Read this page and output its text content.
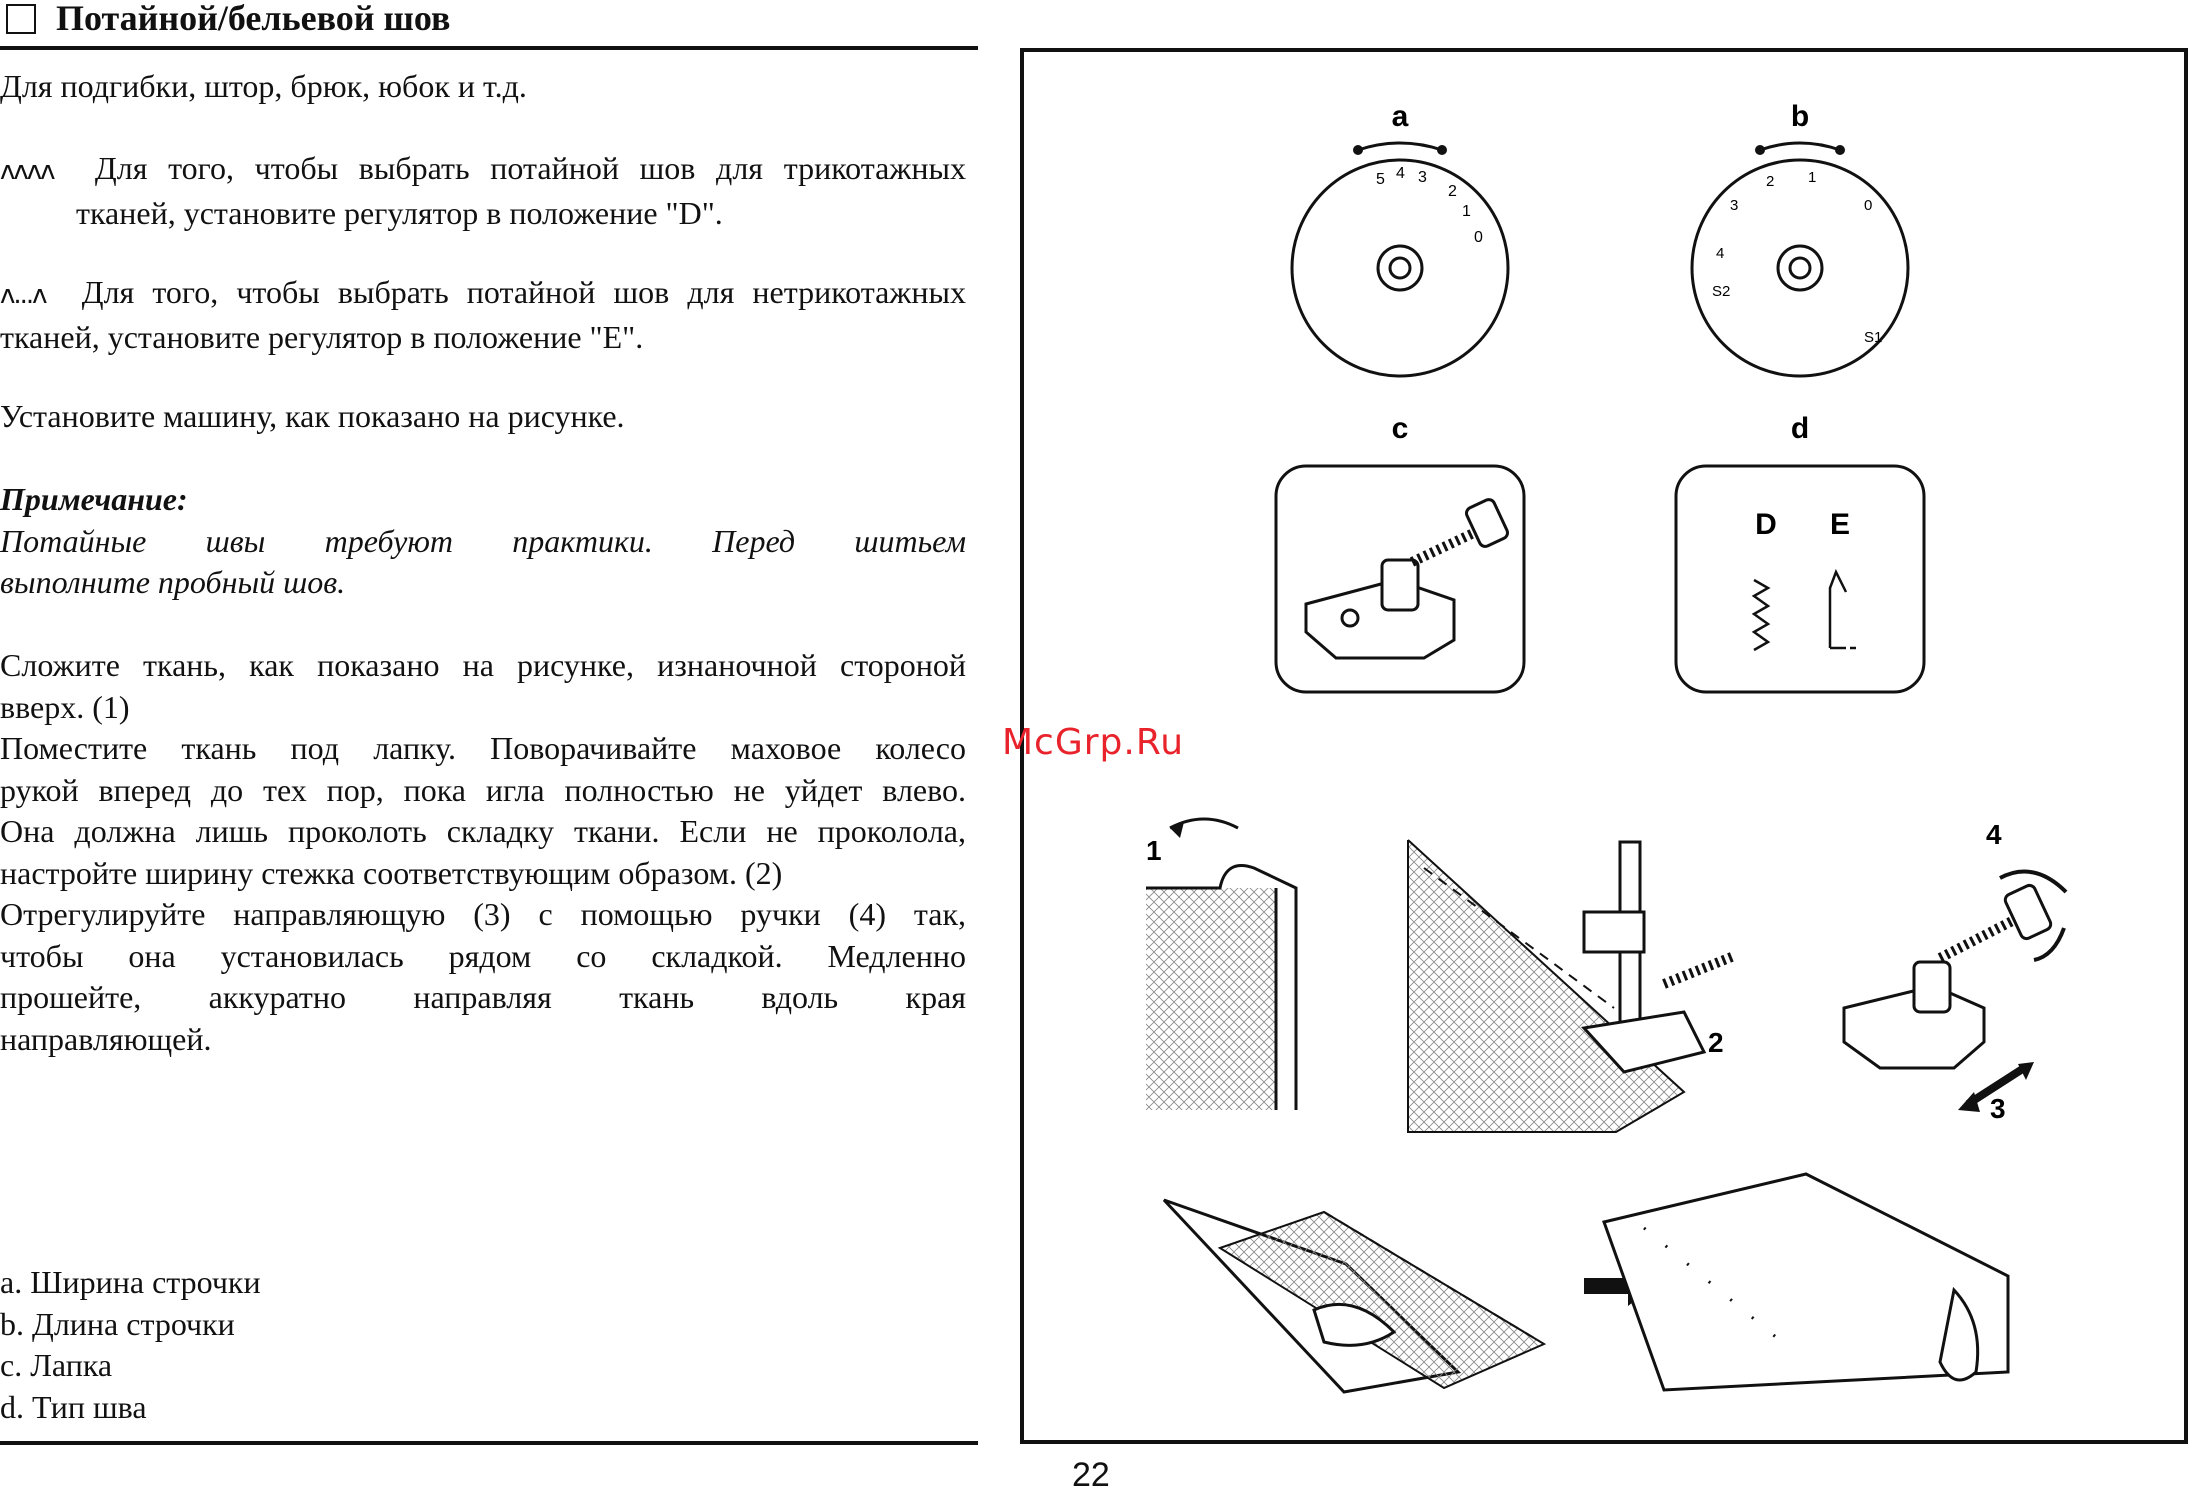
Потайной/бельевой шов
Для подгибки, штор, брюк, юбок и т.д.

ʌʌʌʌ Для того, чтобы выбрать потайной шов для трикотажных

тканей, установите регулятор в положение "D".

ʌ...ʌ Для того, чтобы выбрать потайной шов для нетрикотажных

тканей, установите регулятор в положение "E".

Установите машину, как показано на рисунке.

Примечание:

Потайные швы требуют практики. Перед шитьем

выполните пробный шов.

Сложите ткань, как показано на рисунке, изнаночной стороной

вверх. (1)

Поместите ткань под лапку. Поворачивайте маховое колесо

рукой вперед до тех пор, пока игла полностью не уйдет влево.

Она должна лишь проколоть складку ткани. Если не проколола,

настройте ширину стежка соответствующим образом. (2)

Отрегулируйте направляющую (3) с помощью ручки (4) так,

чтобы она установилась рядом со складкой. Медленно

прошейте, аккуратно направляя ткань вдоль края

направляющей.

a. Ширина строчки
b. Длина строчки
c. Лапка
d. Тип шва
a
5 4 3
2
1
0
b
S2
4
3
2 1
0
S1
c	d
D E
1
2
4
3
McGrp.Ru
22
